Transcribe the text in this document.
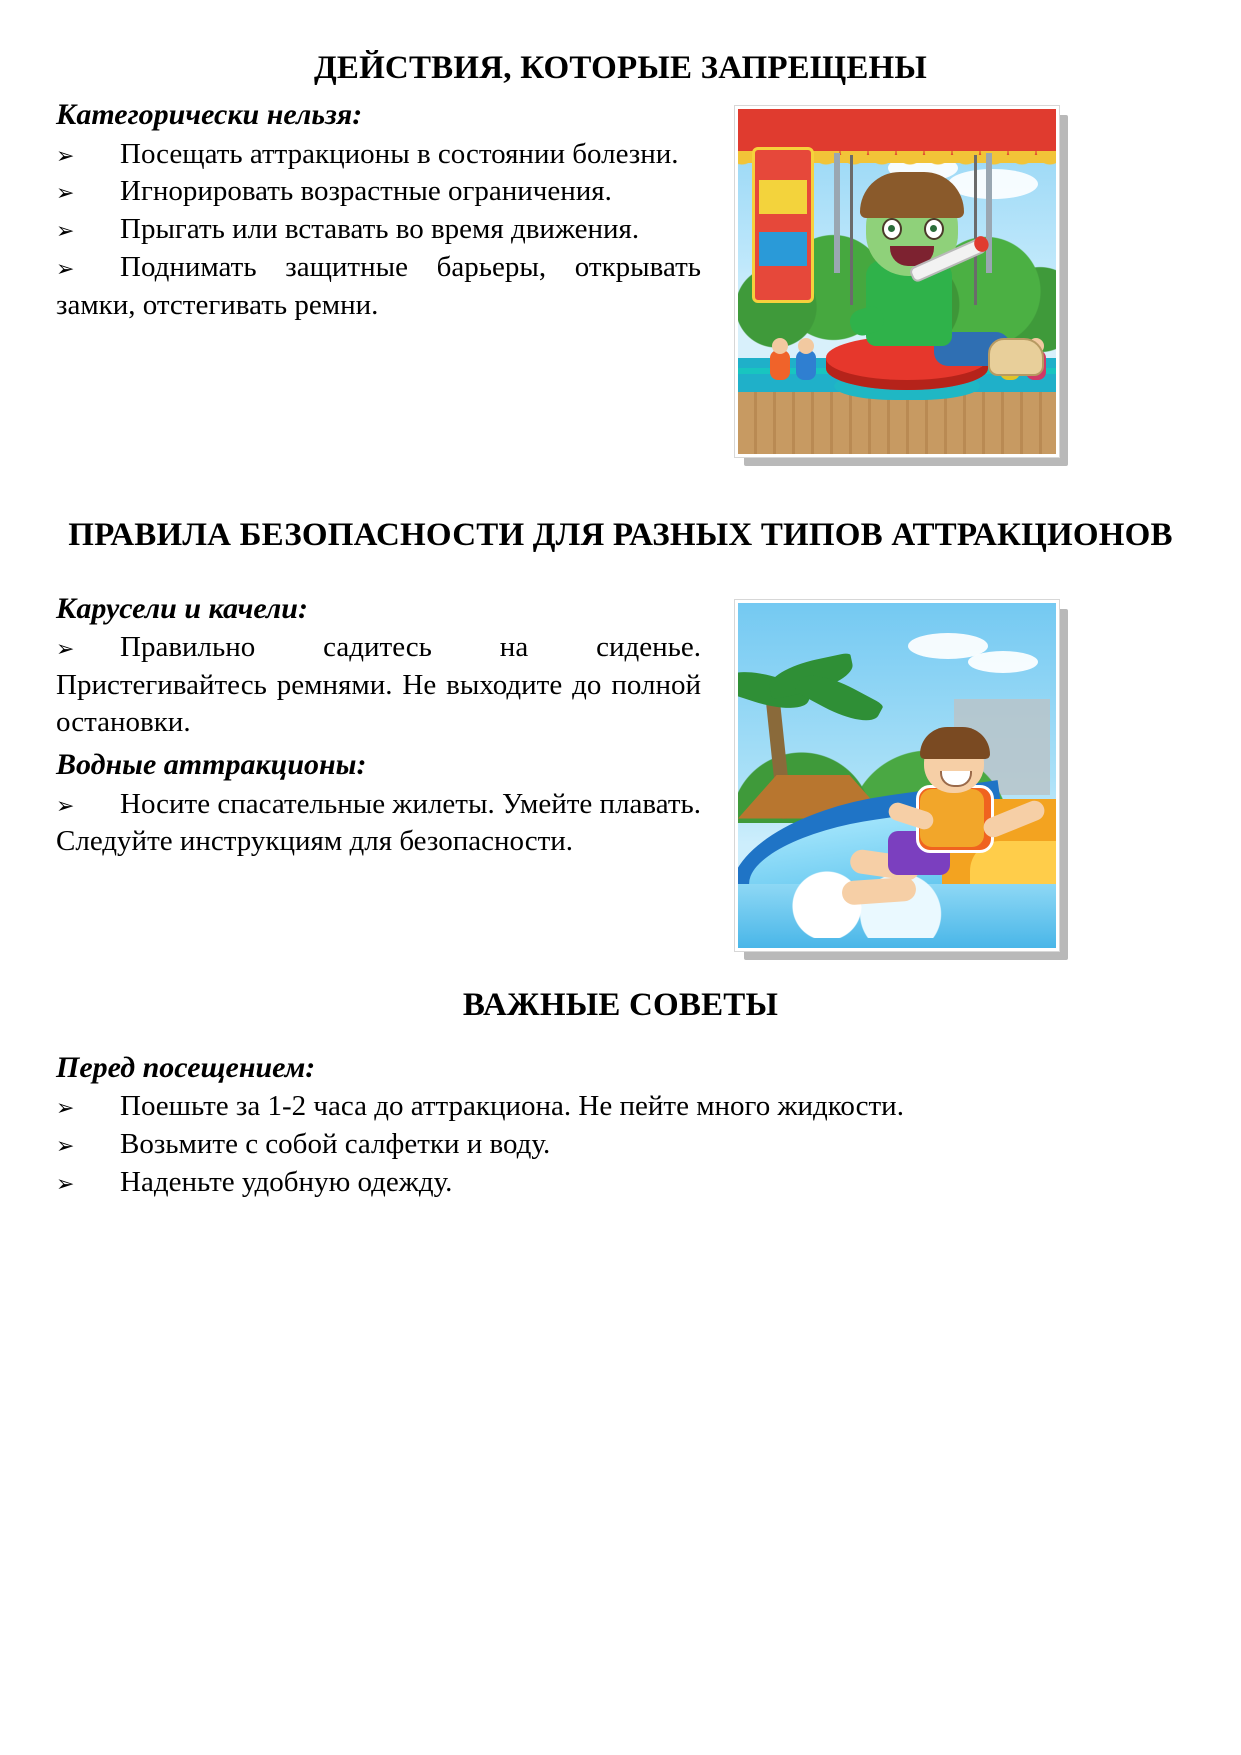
ДЕЙСТВИЯ, КОТОРЫЕ ЗАПРЕЩЕНЫ
Категорически нельзя:

➢ Посещать аттракционы в состоянии болезни.

➢ Игнорировать возрастные ограничения.

➢ Прыгать или вставать во время движения.

➢ Поднимать защитные барьеры, открывать замки, отстегивать ремни.

ПРАВИЛА БЕЗОПАСНОСТИ ДЛЯ РАЗНЫХ ТИПОВ АТТРАКЦИОНОВ
Карусели и качели:

➢ Правильно садитесь на сиденье. Пристегивайтесь ремнями. Не выходите до полной остановки.

Водные аттракционы:

➢ Носите спасательные жилеты. Умейте плавать. Следуйте инструкциям для безопасности.

ВАЖНЫЕ СОВЕТЫ
Перед посещением:

➢ Поешьте за 1-2 часа до аттракциона. Не пейте много жидкости.

➢ Возьмите с собой салфетки и воду.

➢ Наденьте удобную одежду.
